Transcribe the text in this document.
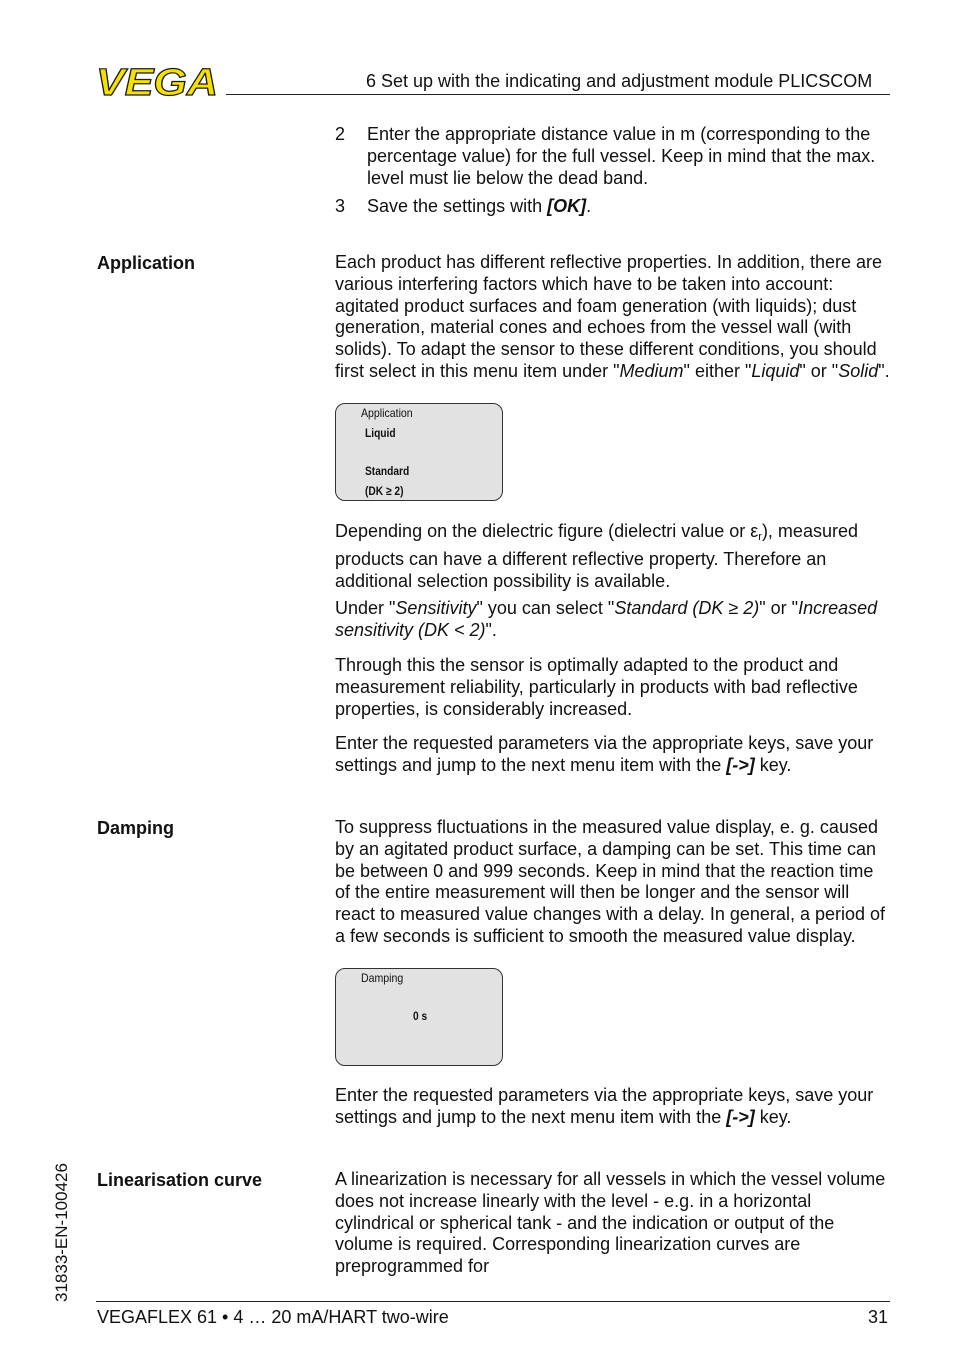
VEGA	6 Set up with the indicating and adjustment module PLICSCOM
2 Enter the appropriate distance value in m (corresponding to the percentage value) for the full vessel. Keep in mind that the max. level must lie below the dead band.
3 Save the settings with [OK].
Application	Each product has different reflective properties. In addition, there are various interfering factors which have to be taken into account: agitated product surfaces and foam generation (with liquids); dust generation, material cones and echoes from the vessel wall (with solids). To adapt the sensor to these different conditions, you should first select in this menu item under "Medium" either "Liquid" or "Solid".

Application
Liquid
Standard
(DK ≥ 2)

Depending on the dielectric figure (dielectri value or $\varepsilon_r$), measured products can have a different reflective property. Therefore an additional selection possibility is available.

Under "Sensitivity" you can select "Standard (DK ≥ 2)" or "Increased sensitivity (DK < 2)".

Through this the sensor is optimally adapted to the product and measurement reliability, particularly in products with bad reflective properties, is considerably increased.

Enter the requested parameters via the appropriate keys, save your settings and jump to the next menu item with the [->] key.

Damping	To suppress fluctuations in the measured value display, e. g. caused by an agitated product surface, a damping can be set. This time can be between 0 and 999 seconds. Keep in mind that the reaction time of the entire measurement will then be longer and the sensor will react to measured value changes with a delay. In general, a period of a few seconds is sufficient to smooth the measured value display.

Damping
0 s

Enter the requested parameters via the appropriate keys, save your settings and jump to the next menu item with the [->] key.

Linearisation curve	A linearization is necessary for all vessels in which the vessel volume does not increase linearly with the level - e.g. in a horizontal cylindrical or spherical tank - and the indication or output of the volume is required. Corresponding linearization curves are preprogrammed for

31833-EN-100426
VEGAFLEX 61 • 4 … 20 mA/HART two-wire	31
